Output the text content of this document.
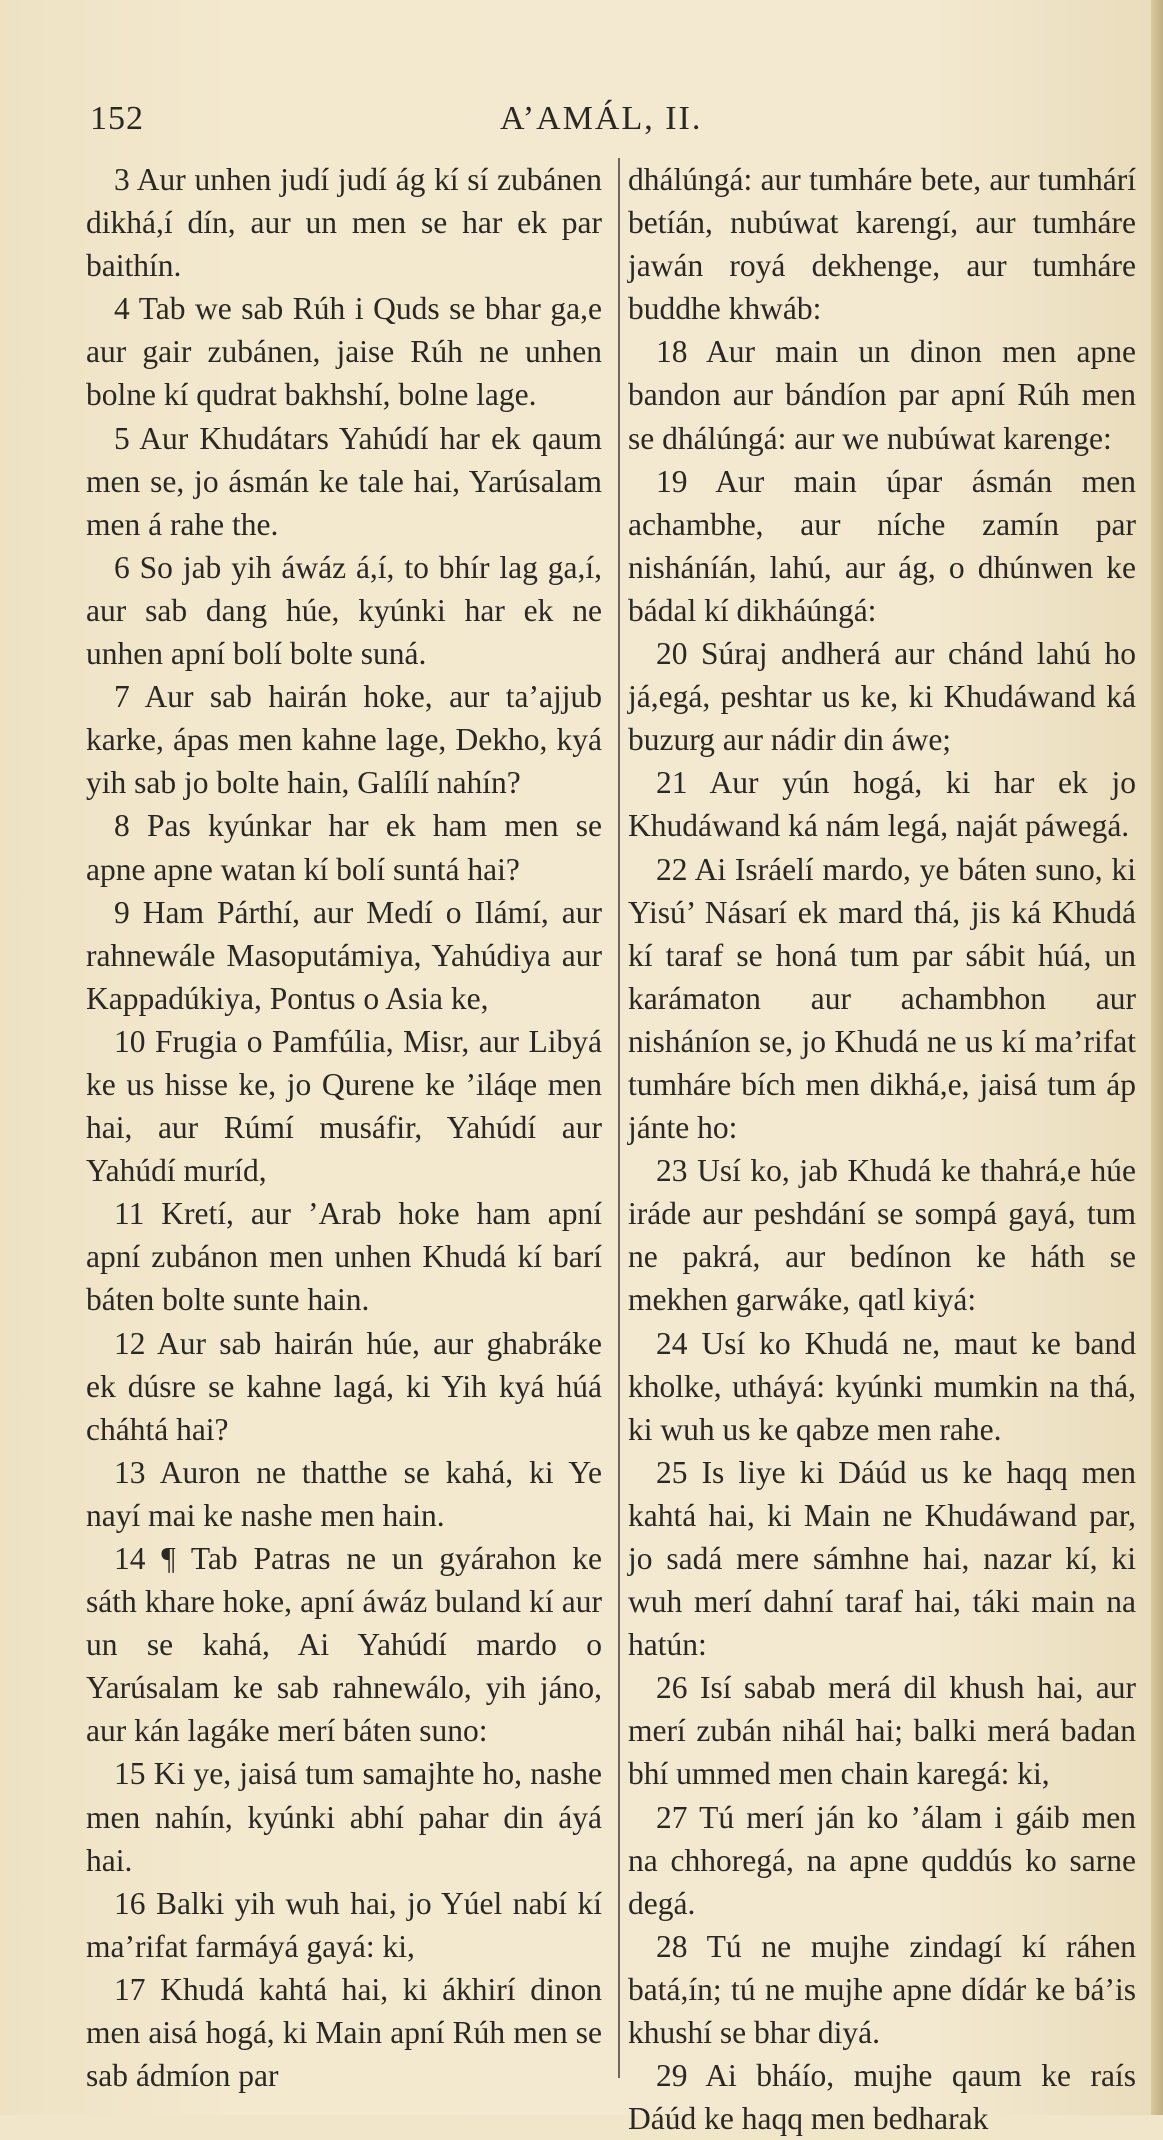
152	A’AMÁL, II.

3 Aur unhen judí judí ág kí sí zubánen dikhá,í dín, aur un men se har ek par baithín.

4 Tab we sab Rúh i Quds se bhar ga,e aur gair zubánen, jaise Rúh ne unhen bolne kí qudrat bakhshí, bolne lage.

5 Aur Khudátars Yahúdí har ek qaum men se, jo ásmán ke tale hai, Yarúsalam men á rahe the.

6 So jab yih áwáz á,í, to bhír lag ga,í, aur sab dang húe, kyúnki har ek ne unhen apní bolí bolte suná.

7 Aur sab hairán hoke, aur ta’ajjub karke, ápas men kahne lage, Dekho, kyá yih sab jo bolte hain, Galílí nahín?

8 Pas kyúnkar har ek ham men se apne apne watan kí bolí suntá hai?

9 Ham Párthí, aur Medí o Ilámí, aur rahnewále Masoputámiya, Yahúdiya aur Kappadúkiya, Pontus o Asia ke,

10 Frugia o Pamfúlia, Misr, aur Libyá ke us hisse ke, jo Qurene ke ’iláqe men hai, aur Rúmí musáfir, Yahúdí aur Yahúdí muríd,

11 Kretí, aur ’Arab hoke ham apní apní zubánon men unhen Khudá kí barí báten bolte sunte hain.

12 Aur sab hairán húe, aur ghabráke ek dúsre se kahne lagá, ki Yih kyá húá cháhtá hai?

13 Auron ne thatthe se kahá, ki Ye nayí mai ke nashe men hain.

14 ¶ Tab Patras ne un gyárahon ke sáth khare hoke, apní áwáz buland kí aur un se kahá, Ai Yahúdí mardo o Yarúsalam ke sab rahnewálo, yih jáno, aur kán lagáke merí báten suno:

15 Ki ye, jaisá tum samajhte ho, nashe men nahín, kyúnki abhí pahar din áyá hai.

16 Balki yih wuh hai, jo Yúel nabí kí ma’rifat farmáyá gayá: ki,

17 Khudá kahtá hai, ki ákhirí dinon men aisá hogá, ki Main apní Rúh men se sab ádmíon par

dhálúngá: aur tumháre bete, aur tumhárí betíán, nubúwat karengí, aur tumháre jawán royá dekhenge, aur tumháre buddhe khwáb:

18 Aur main un dinon men apne bandon aur bándíon par apní Rúh men se dhálúngá: aur we nubúwat karenge:

19 Aur main úpar ásmán men achambhe, aur níche zamín par nisháníán, lahú, aur ág, o dhúnwen ke bádal kí dikháúngá:

20 Súraj andherá aur chánd lahú ho já,egá, peshtar us ke, ki Khudáwand ká buzurg aur nádir din áwe;

21 Aur yún hogá, ki har ek jo Khudáwand ká nám legá, naját páwegá.

22 Ai Isráelí mardo, ye báten suno, ki Yisú’ Násarí ek mard thá, jis ká Khudá kí taraf se honá tum par sábit húá, un karámaton aur achambhon aur nisháníon se, jo Khudá ne us kí ma’rifat tumháre bích men dikhá,e, jaisá tum áp jánte ho:

23 Usí ko, jab Khudá ke thahrá,e húe iráde aur peshdání se sompá gayá, tum ne pakrá, aur bedínon ke háth se mekhen garwáke, qatl kiyá:

24 Usí ko Khudá ne, maut ke band kholke, utháyá: kyúnki mumkin na thá, ki wuh us ke qabze men rahe.

25 Is liye ki Dáúd us ke haqq men kahtá hai, ki Main ne Khudáwand par, jo sadá mere sámhne hai, nazar kí, ki wuh merí dahní taraf hai, táki main na hatún:

26 Isí sabab merá dil khush hai, aur merí zubán nihál hai; balki merá badan bhí ummed men chain karegá: ki,

27 Tú merí ján ko ’álam i gáib men na chhoregá, na apne quddús ko sarne degá.

28 Tú ne mujhe zindagí kí ráhen batá,ín; tú ne mujhe apne dídár ke bá’is khushí se bhar diyá.

29 Ai bháío, mujhe qaum ke raís Dáúd ke haqq men bedharak
